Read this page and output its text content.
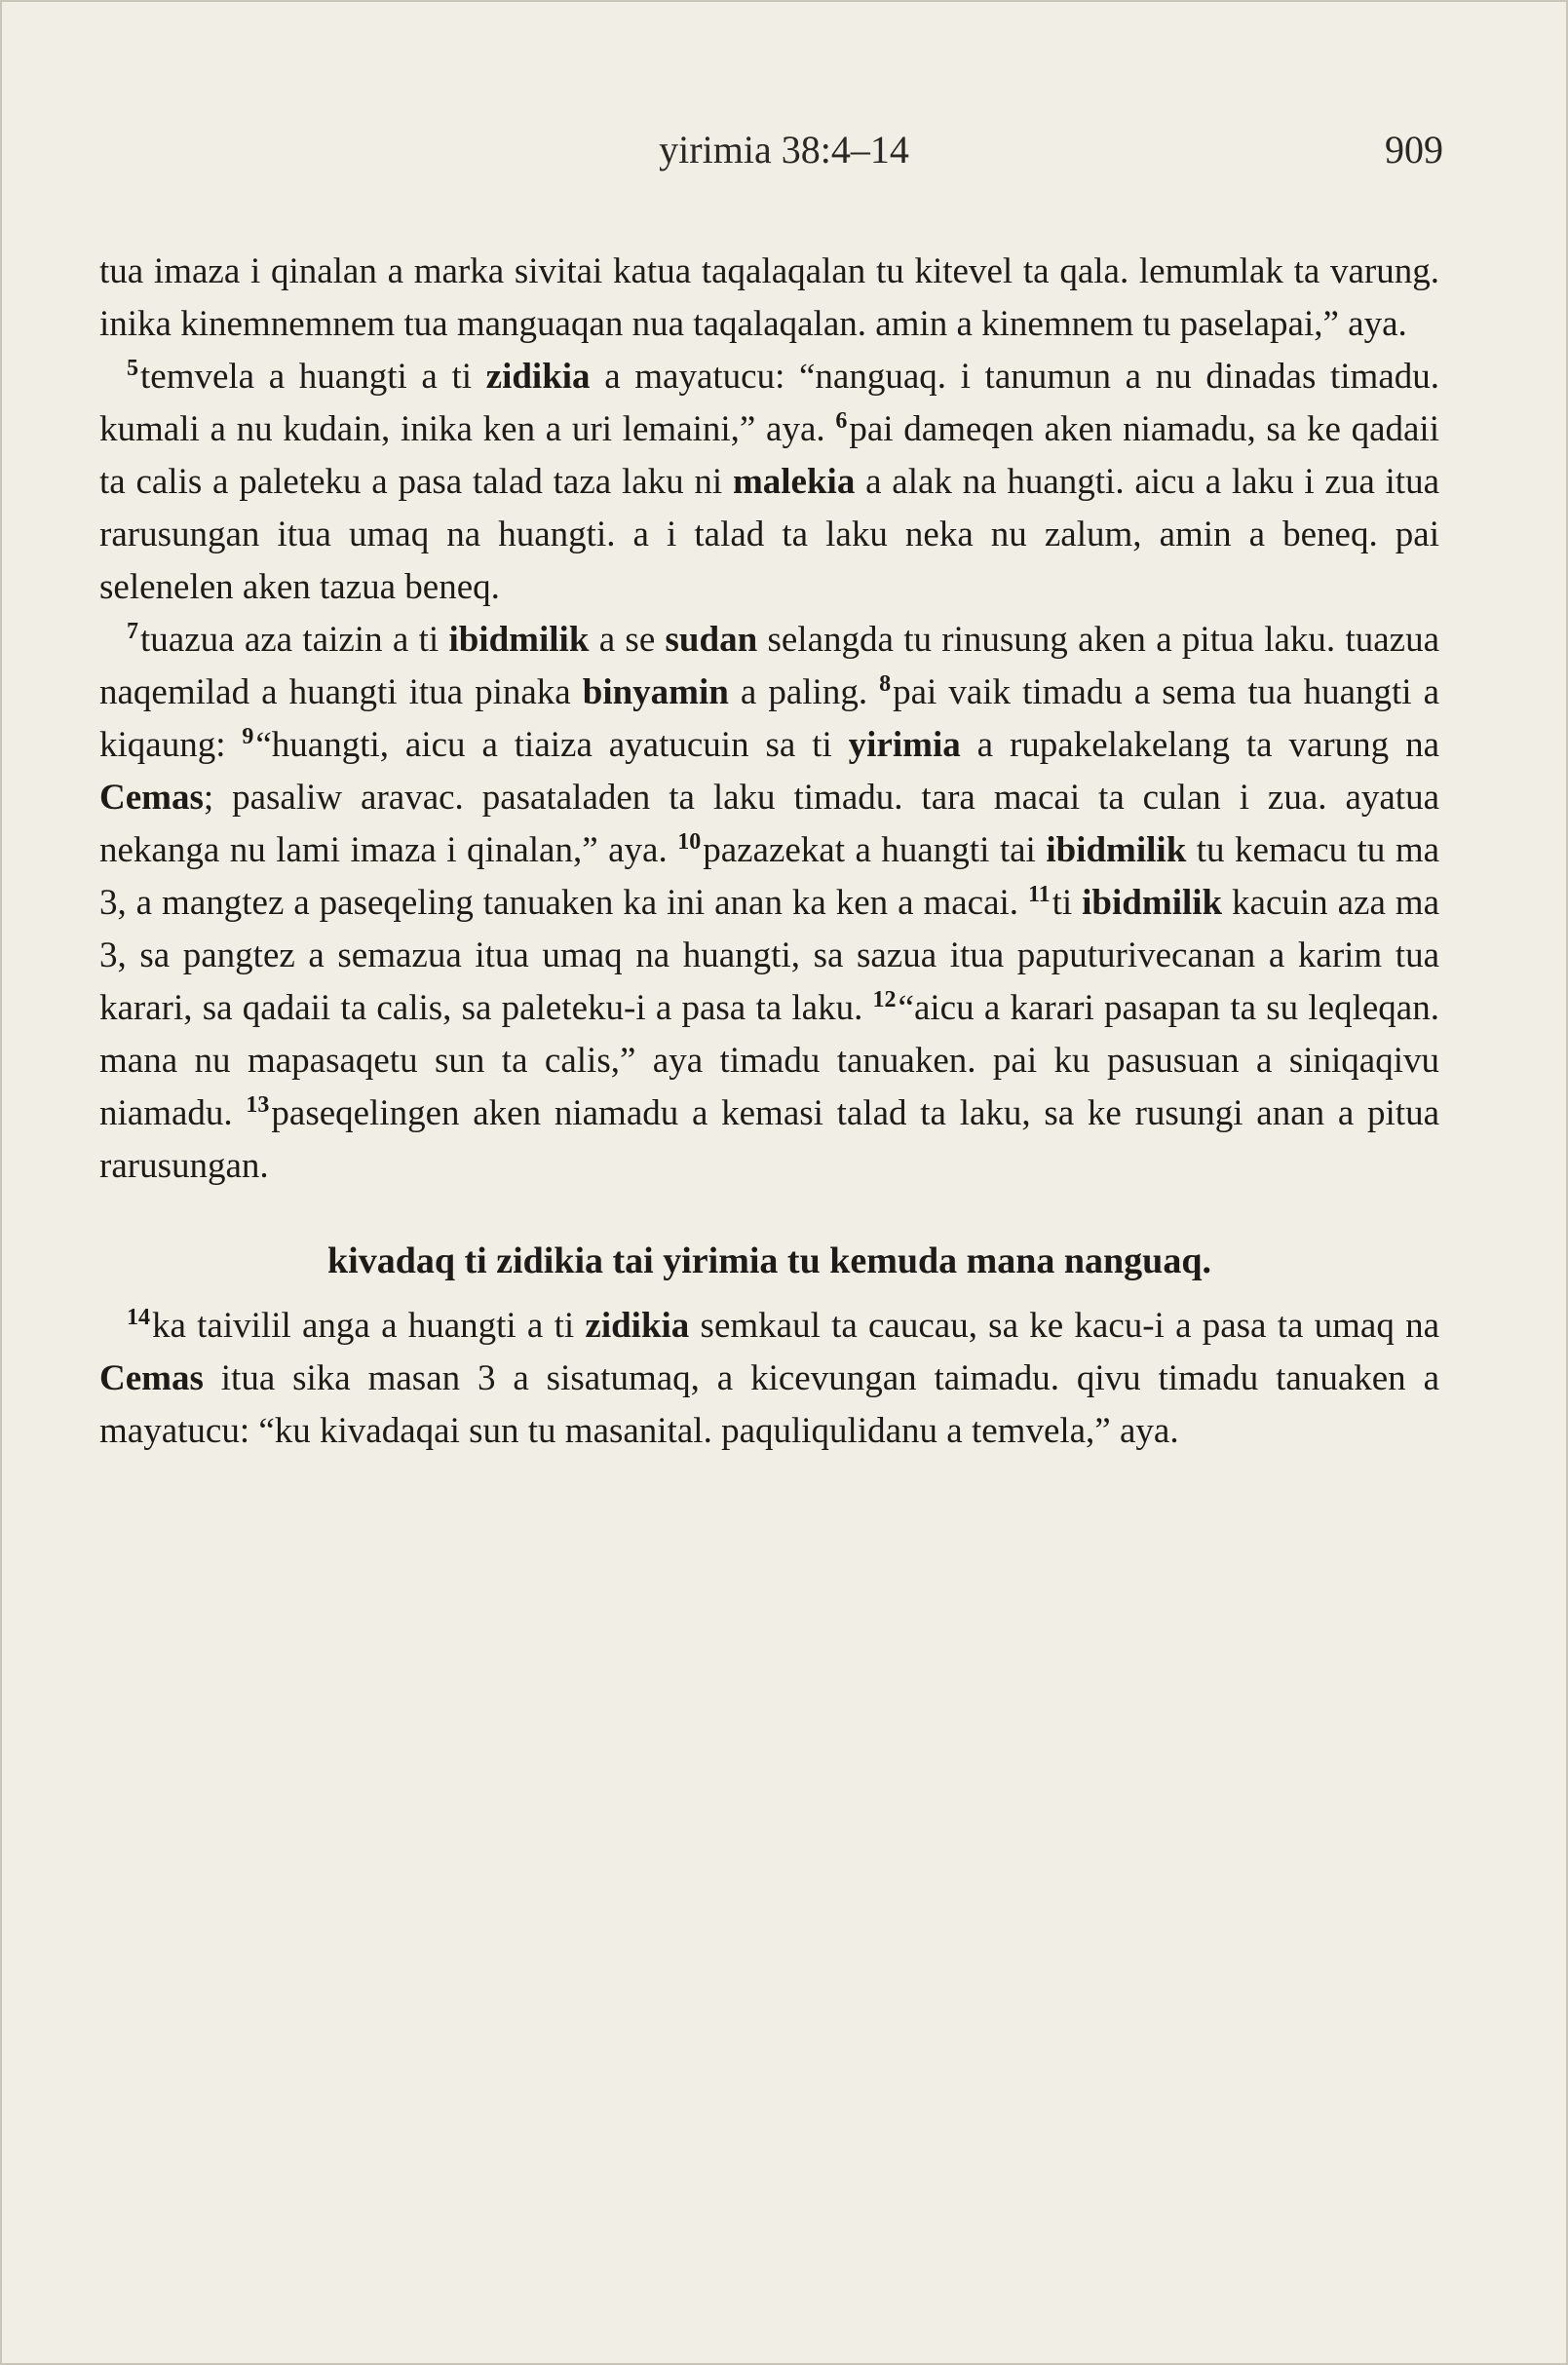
yirimia 38:4–14	909

tua imaza i qinalan a marka sivitai katua taqalaqalan tu kitevel ta qala. lemumlak ta varung. inika kinemnemnem tua manguaqan nua taqalaqalan. amin a kinemnem tu paselapai,” aya.

$^5$temvela a huangti a ti zidikia a mayatucu: “nanguaq. i tanumun a nu dinadas timadu. kumali a nu kudain, inika ken a uri lemaini,” aya. $^6$pai dameqen aken niamadu, sa ke qadaii ta calis a paleteku a pasa talad taza laku ni malekia a alak na huangti. aicu a laku i zua itua rarusungan itua umaq na huangti. a i talad ta laku neka nu zalum, amin a beneq. pai selenelen aken tazua beneq.

$^7$tuazua aza taizin a ti ibidmilik a se sudan selangda tu rinusung aken a pitua laku. tuazua naqemilad a huangti itua pinaka binyamin a paling. $^8$pai vaik timadu a sema tua huangti a kiqaung: $^9$“huangti, aicu a tiaiza ayatucuin sa ti yirimia a rupakelakelang ta varung na Cemas; pasaliw aravac. pasataladen ta laku timadu. tara macai ta culan i zua. ayatua nekanga nu lami imaza i qinalan,” aya. $^{10}$pazazekat a huangti tai ibidmilik tu kemacu tu ma 3, a mangtez a paseqeling tanuaken ka ini anan ka ken a macai. $^{11}$ti ibidmilik kacuin aza ma 3, sa pangtez a semazua itua umaq na huangti, sa sazua itua paputurivecanan a karim tua karari, sa qadaii ta calis, sa paleteku-i a pasa ta laku. $^{12}$“aicu a karari pasapan ta su leqleqan. mana nu mapasaqetu sun ta calis,” aya timadu tanuaken. pai ku pasusuan a siniqaqivu niamadu. $^{13}$paseqelingen aken niamadu a kemasi talad ta laku, sa ke rusungi anan a pitua rarusungan.

kivadaq ti zidikia tai yirimia tu kemuda mana nanguaq.

$^{14}$ka taivilil anga a huangti a ti zidikia semkaul ta caucau, sa ke kacu-i a pasa ta umaq na Cemas itua sika masan 3 a sisatumaq, a kicevungan taimadu. qivu timadu tanuaken a mayatucu: “ku kivadaqai sun tu masanital. paquliqulidanu a temvela,” aya.
